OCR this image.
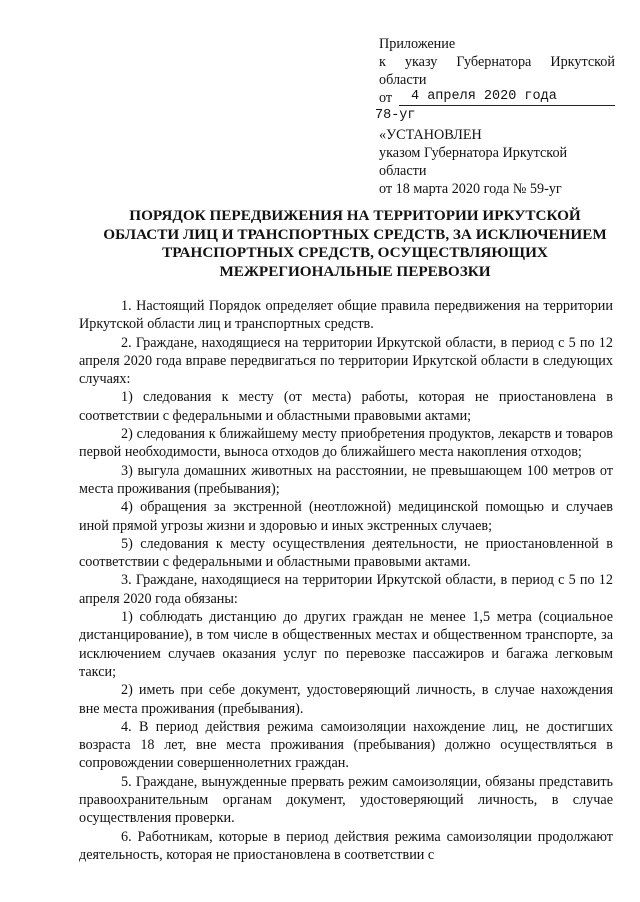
Приложение
к указу Губернатора Иркутской
области
от 4 апреля 2020 года
78-уг
«УСТАНОВЛЕН
указом Губернатора Иркутской
области
от 18 марта 2020 года № 59-уг
ПОРЯДОК ПЕРЕДВИЖЕНИЯ НА ТЕРРИТОРИИ ИРКУТСКОЙ ОБЛАСТИ ЛИЦ И ТРАНСПОРТНЫХ СРЕДСТВ, ЗА ИСКЛЮЧЕНИЕМ ТРАНСПОРТНЫХ СРЕДСТВ, ОСУЩЕСТВЛЯЮЩИХ МЕЖРЕГИОНАЛЬНЫЕ ПЕРЕВОЗКИ

1. Настоящий Порядок определяет общие правила передвижения на территории Иркутской области лиц и транспортных средств.

2. Граждане, находящиеся на территории Иркутской области, в период с 5 по 12 апреля 2020 года вправе передвигаться по территории Иркутской области в следующих случаях:

1) следования к месту (от места) работы, которая не приостановлена в соответствии с федеральными и областными правовыми актами;

2) следования к ближайшему месту приобретения продуктов, лекарств и товаров первой необходимости, выноса отходов до ближайшего места накопления отходов;

3) выгула домашних животных на расстоянии, не превышающем 100 метров от места проживания (пребывания);

4) обращения за экстренной (неотложной) медицинской помощью и случаев иной прямой угрозы жизни и здоровью и иных экстренных случаев;

5) следования к месту осуществления деятельности, не приостановленной в соответствии с федеральными и областными правовыми актами.

3. Граждане, находящиеся на территории Иркутской области, в период с 5 по 12 апреля 2020 года обязаны:

1) соблюдать дистанцию до других граждан не менее 1,5 метра (социальное дистанцирование), в том числе в общественных местах и общественном транспорте, за исключением случаев оказания услуг по перевозке пассажиров и багажа легковым такси;

2) иметь при себе документ, удостоверяющий личность, в случае нахождения вне места проживания (пребывания).

4. В период действия режима самоизоляции нахождение лиц, не достигших возраста 18 лет, вне места проживания (пребывания) должно осуществляться в сопровождении совершеннолетних граждан.

5. Граждане, вынужденные прервать режим самоизоляции, обязаны представить правоохранительным органам документ, удостоверяющий личность, в случае осуществления проверки.

6. Работникам, которые в период действия режима самоизоляции продолжают деятельность, которая не приостановлена в соответствии с
